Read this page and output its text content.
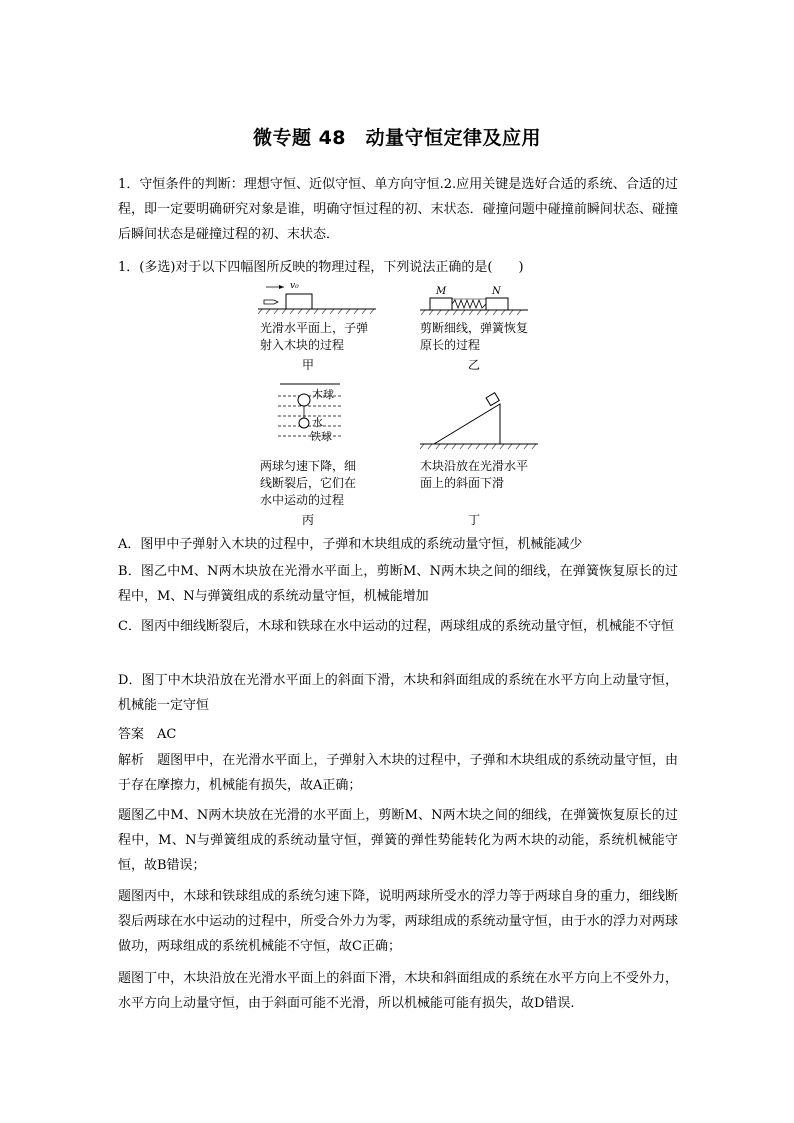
微专题 48　动量守恒定律及应用

1．守恒条件的判断：理想守恒、近似守恒、单方向守恒.2.应用关键是选好合适的系统、合适的过程，即一定要明确研究对象是谁，明确守恒过程的初、末状态．碰撞问题中碰撞前瞬间状态、碰撞后瞬间状态是碰撞过程的初、末状态．

1．(多选)对于以下四幅图所反映的物理过程，下列说法正确的是(　　)

v₀
光滑水平面上，子弹
射入木块的过程
甲
M	N
剪断细线，弹簧恢复
原长的过程
乙
木球
水
铁球
两球匀速下降，细
线断裂后，它们在
水中运动的过程
丙
木块沿放在光滑水平
面上的斜面下滑
丁

A．图甲中子弹射入木块的过程中，子弹和木块组成的系统动量守恒，机械能减少

B．图乙中M、N两木块放在光滑水平面上，剪断M、N两木块之间的细线，在弹簧恢复原长的过程中，M、N与弹簧组成的系统动量守恒，机械能增加

C．图丙中细线断裂后，木球和铁球在水中运动的过程，两球组成的系统动量守恒，机械能不守恒

D．图丁中木块沿放在光滑水平面上的斜面下滑，木块和斜面组成的系统在水平方向上动量守恒，机械能一定守恒

答案　 AC

解析　 题图甲中，在光滑水平面上，子弹射入木块的过程中，子弹和木块组成的系统动量守恒，由于存在摩擦力，机械能有损失，故A正确；

题图乙中M、N两木块放在光滑的水平面上，剪断M、N两木块之间的细线，在弹簧恢复原长的过程中，M、N与弹簧组成的系统动量守恒，弹簧的弹性势能转化为两木块的动能，系统机械能守恒，故B错误；

题图丙中，木球和铁球组成的系统匀速下降，说明两球所受水的浮力等于两球自身的重力，细线断裂后两球在水中运动的过程中，所受合外力为零，两球组成的系统动量守恒，由于水的浮力对两球做功，两球组成的系统机械能不守恒，故C正确；

题图丁中，木块沿放在光滑水平面上的斜面下滑，木块和斜面组成的系统在水平方向上不受外力，水平方向上动量守恒，由于斜面可能不光滑，所以机械能可能有损失，故D错误.
